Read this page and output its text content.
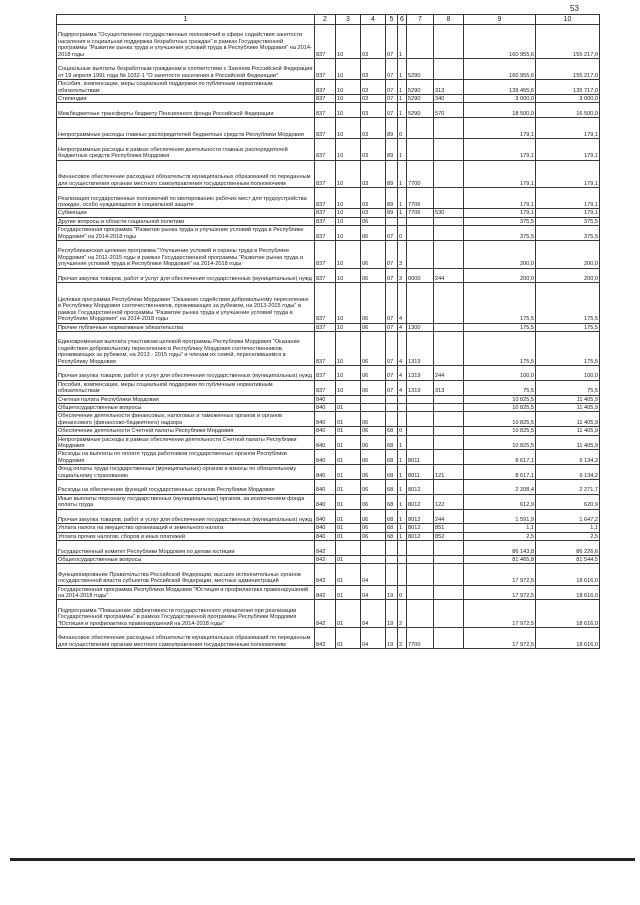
53
1	2	3	4	5	6	7	8	9	10
Подпрограмма "Осуществление государственных полномочий в сфере содействия занятости населения и социальная поддержка безработных граждан" в рамках Государственной программы "Развитие рынка труда и улучшения условий труда в Республике Мордовия" на 2014-2018 годы	837	10	03	07	1			160 955,6	155 217,0
Социальные выплаты безработным гражданам в соответствии с Законом Российской Федерации от 19 апреля 1991 года № 1032-1 "О занятости населения в Российской Федерации"	837	10	03	07	1	5290		160 955,6	155 217,0
Пособия, компенсации, меры социальной поддержки по публичным нормативным обязательствам	837	10	03	07	1	5290	313	139 455,6	135 717,0
Стипендии	837	10	03	07	1	5290	340	3 000,0	3 000,0
Межбюджетные трансферты бюджету Пенсионного фонда Российской Федерации	837	10	03	07	1	5290	570	18 500,0	16 500,0
Непрограммные расходы главных распорядителей бюджетных средств Республики Мордовия	837	10	03	89	0			179,1	179,1
Непрограммные расходы в рамках обеспечения деятельности главных распорядителей бюджетных средств Республики Мордовия	837	10	03	89	1			179,1	179,1
Финансовое обеспечение расходных обязательств муниципальных образований по переданным для осуществления органам местного самоуправления государственным полномочиям	837	10	03	89	1	7700		179,1	179,1
Реализация государственных полномочий по квотированию рабочих мест для трудоустройства граждан, особо нуждающихся в социальной защите	837	10	03	89	1	7706		179,1	179,1
Субвенции	837	10	03	89	1	7706	530	179,1	179,1
Другие вопросы в области социальной политики	837	10	06					375,5	375,5
Государственная программа "Развитие рынка труда и улучшение условий труда в Республике Мордовия" на 2014-2018 годы	837	10	06	07	0			375,5	375,5
Республиканская целевая программа "Улучшение условий и охраны труда в Республике Мордовия" на 2011-2015 годы в рамках Государственной программы "Развитие рынка труда и улучшение условий труда в Республике Мордовия" на 2014-2018 годы	837	10	06	07	3			200,0	200,0
Прочая закупка товаров, работ и услуг для обеспечения государственных (муниципальных) нужд	837	10	06	07	3	0000	244	200,0	200,0
Целевая программа Республики Мордовия "Оказание содействия добровольному переселению в Республику Мордовия соотечественников, проживающих за рубежом, на 2013-2015 годы" в рамках Государственной программы "Развитие рынка труда и улучшение условий труда в Республике Мордовия" на 2014-2018 годы	837	10	06	07	4			175,5	175,5
Прочие публичные нормативные обязательства	837	10	06	07	4	1300		175,5	175,5
Единовременная выплата участникам целевой программы Республики Мордовия "Оказание содействия добровольному переселению в Республику Мордовия соотечественников, проживающих за рубежом, на 2013 - 2015 годы" и членам их семей, переселившимся в Республику Мордовия	837	10	06	07	4	1319		175,5	175,5
Прочая закупка товаров, работ и услуг для обеспечения государственных (муниципальных) нужд	837	10	06	07	4	1319	244	100,0	100,0
Пособия, компенсации, меры социальной поддержки по публичным нормативным обязательствам	837	10	06	07	4	1319	313	75,5	75,5
Счетная палата Республики Мордовия	840							10 825,5	11 405,9
Общегосударственные вопросы	840	01						10 825,5	11 405,9
Обеспечение деятельности финансовых, налоговых и таможенных органов и органов финансового (финансово-бюджетного) надзора	840	01	06					10 825,5	11 405,9
Обеспечение деятельности Счетной палаты Республики Мордовия	840	01	06	68	0			10 825,5	11 405,9
Непрограммные расходы в рамках обеспечения деятельности Счетной палаты Республики Мордовия	840	01	06	68	1			10 825,5	11 405,9
Расходы на выплаты по оплате труда работников государственных органов Республики Мордовия	840	01	06	68	1	8011		8 617,1	9 134,2
Фонд оплаты труда государственных (муниципальных) органов и взносы по обязательному социальному страхованию	840	01	06	68	1	8011	121	8 617,1	9 134,2
Расходы на обеспечение функций государственных органов Республики Мордовия	840	01	06	68	1	8012		2 208,4	2 271,7
Иные выплаты персоналу государственных (муниципальных) органов, за исключением фонда оплаты труда	840	01	06	68	1	8012	122	612,9	620,9
Прочая закупка товаров, работ и услуг для обеспечения государственных (муниципальных) нужд	840	01	06	68	1	8012	244	1 591,9	1 647,2
Уплата налога на имущество организаций и земельного налога	840	01	06	68	1	8012	851	1,1	1,1
Уплата прочих налогов, сборов и иных платежей	840	01	06	68	1	8012	852	2,5	2,5
Государственный комитет Республики Мордовия по делам юстиции	842							86 143,8	86 226,6
Общегосударственные вопросы	842	01						81 465,8	81 544,5
Функционирование Правительства Российской Федерации, высших исполнительных органов государственной власти субъектов Российской Федерации, местных администраций	842	01	04					17 972,5	18 616,0
Государственная программа Республики Мордовия "Юстиция и профилактика правонарушений на 2014-2018 годы"	842	01	04	19	0			17 972,5	18 616,0
Подпрограмма "Повышение эффективности государственного управления при реализации Государственной программы" в рамках Государственной программы Республики Мордовия "Юстиция и профилактика правонарушений на 2014-2018 годы"	842	01	04	19	2			17 972,5	18 616,0
Финансовое обеспечение расходных обязательств муниципальных образований по переданным для осуществления органам местного самоуправления государственным полномочиям	842	01	04	19	2	7700		17 972,5	18 616,0
